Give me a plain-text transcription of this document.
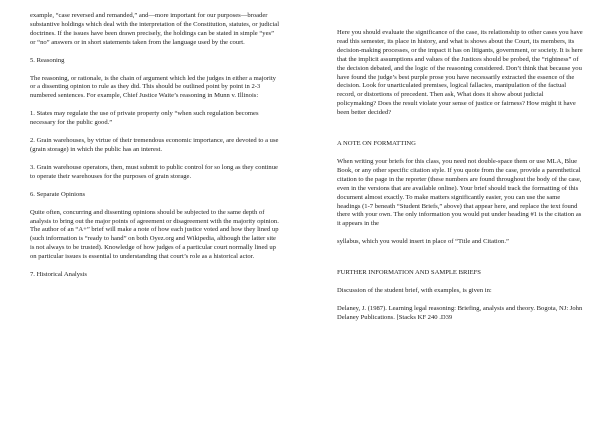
example, “case reversed and remanded,” and—more important for our purposes—broader substantive holdings which deal with the interpretation of the Constitution, statutes, or judicial doctrines. If the issues have been drawn precisely, the holdings can be stated in simple “yes” or “no” answers or in short statements taken from the language used by the court.

5. Reasoning

The reasoning, or rationale, is the chain of argument which led the judges in either a majority or a dissenting opinion to rule as they did. This should be outlined point by point in 2-3 numbered sentences. For example, Chief Justice Waite’s reasoning in Munn v. Illinois:

1. States may regulate the use of private property only “when such regulation becomes necessary for the public good.”

2. Grain warehouses, by virtue of their tremendous economic importance, are devoted to a use (grain storage) in which the public has an interest.

3. Grain warehouse operators, then, must submit to public control for so long as they continue to operate their warehouses for the purposes of grain storage.

6. Separate Opinions

Quite often, concurring and dissenting opinions should be subjected to the same depth of analysis to bring out the major points of agreement or disagreement with the majority opinion. The author of an “A+” brief will make a note of how each justice voted and how they lined up (such information is “ready to hand” on both Oyez.org and Wikipedia, although the latter site is not always to be trusted). Knowledge of how judges of a particular court normally lined up on particular issues is essential to understanding that court’s role as a historical actor.

7. Historical Analysis

Here you should evaluate the significance of the case, its relationship to other cases you have read this semester, its place in history, and what is shows about the Court, its members, its decision-making processes, or the impact it has on litigants, government, or society. It is here that the implicit assumptions and values of the Justices should be probed, the “rightness” of the decision debated, and the logic of the reasoning considered. Don’t think that because you have found the judge’s best purple prose you have necessarily extracted the essence of the decision. Look for unarticulated premises, logical fallacies, manipulation of the factual record, or distortions of precedent. Then ask, What does it show about judicial policymaking? Does the result violate your sense of justice or fairness? How might it have been better decided?

A NOTE ON FORMATTING

When writing your briefs for this class, you need not double-space them or use MLA, Blue Book, or any other specific citation style. If you quote from the case, provide a parenthetical citation to the page in the reporter (these numbers are found throughout the body of the case, even in the versions that are available online). Your brief should track the formatting of this document almost exactly. To make matters significantly easier, you can use the same headings (1-7 beneath “Student Briefs,” above) that appear here, and replace the text found there with your own. The only information you would put under heading #1 is the citation as it appears in the

syllabus, which you would insert in place of “Title and Citation.”

FURTHER INFORMATION AND SAMPLE BRIEFS

Discussion of the student brief, with examples, is given in:

Delaney, J. (1987). Learning legal reasoning: Briefing, analysis and theory. Bogota, NJ: John Delaney Publications. [Stacks KF 240 .D39
